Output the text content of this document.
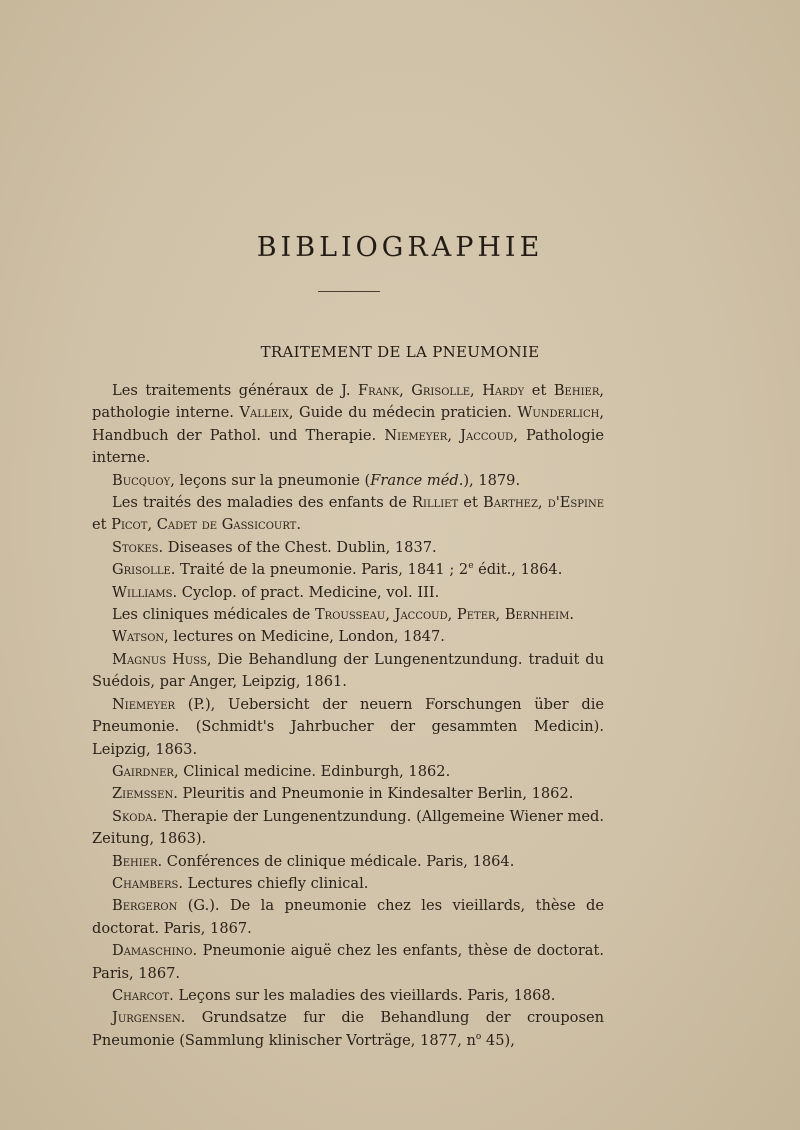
BIBLIOGRAPHIE
TRAITEMENT DE LA PNEUMONIE

Les traitements généraux de J. Frank, Grisolle, Hardy et Behier, pathologie interne. Valleix, Guide du médecin praticien. Wunderlich, Handbuch der Pathol. und Therapie. Niemeyer, Jaccoud, Pathologie interne.

Bucquoy, leçons sur la pneumonie (France méd.), 1879.

Les traités des maladies des enfants de Rilliet et Barthez, d'Espine et Picot, Cadet de Gassicourt.

Stokes. Diseases of the Chest. Dublin, 1837.

Grisolle. Traité de la pneumonie. Paris, 1841 ; 2e édit., 1864.

Williams. Cyclop. of pract. Medicine, vol. III.

Les cliniques médicales de Trousseau, Jaccoud, Peter, Bernheim.

Watson, lectures on Medicine, London, 1847.

Magnus Huss, Die Behandlung der Lungenentzundung. traduit du Suédois, par Anger, Leipzig, 1861.

Niemeyer (P.), Uebersicht der neuern Forschungen über die Pneumonie. (Schmidt's Jahrbucher der gesammten Medicin). Leipzig, 1863.

Gairdner, Clinical medicine. Edinburgh, 1862.

Ziemssen. Pleuritis and Pneumonie in Kindesalter Berlin, 1862.

Skoda. Therapie der Lungenentzundung. (Allgemeine Wiener med. Zeitung, 1863).

Behier. Conférences de clinique médicale. Paris, 1864.

Chambers. Lectures chiefly clinical.

Bergeron (G.). De la pneumonie chez les vieillards, thèse de doctorat. Paris, 1867.

Damaschino. Pneumonie aiguë chez les enfants, thèse de doctorat. Paris, 1867.

Charcot. Leçons sur les maladies des vieillards. Paris, 1868.

Jurgensen. Grundsatze fur die Behandlung der crouposen Pneumonie (Sammlung klinischer Vorträge, 1877, $n^o$ 45),
